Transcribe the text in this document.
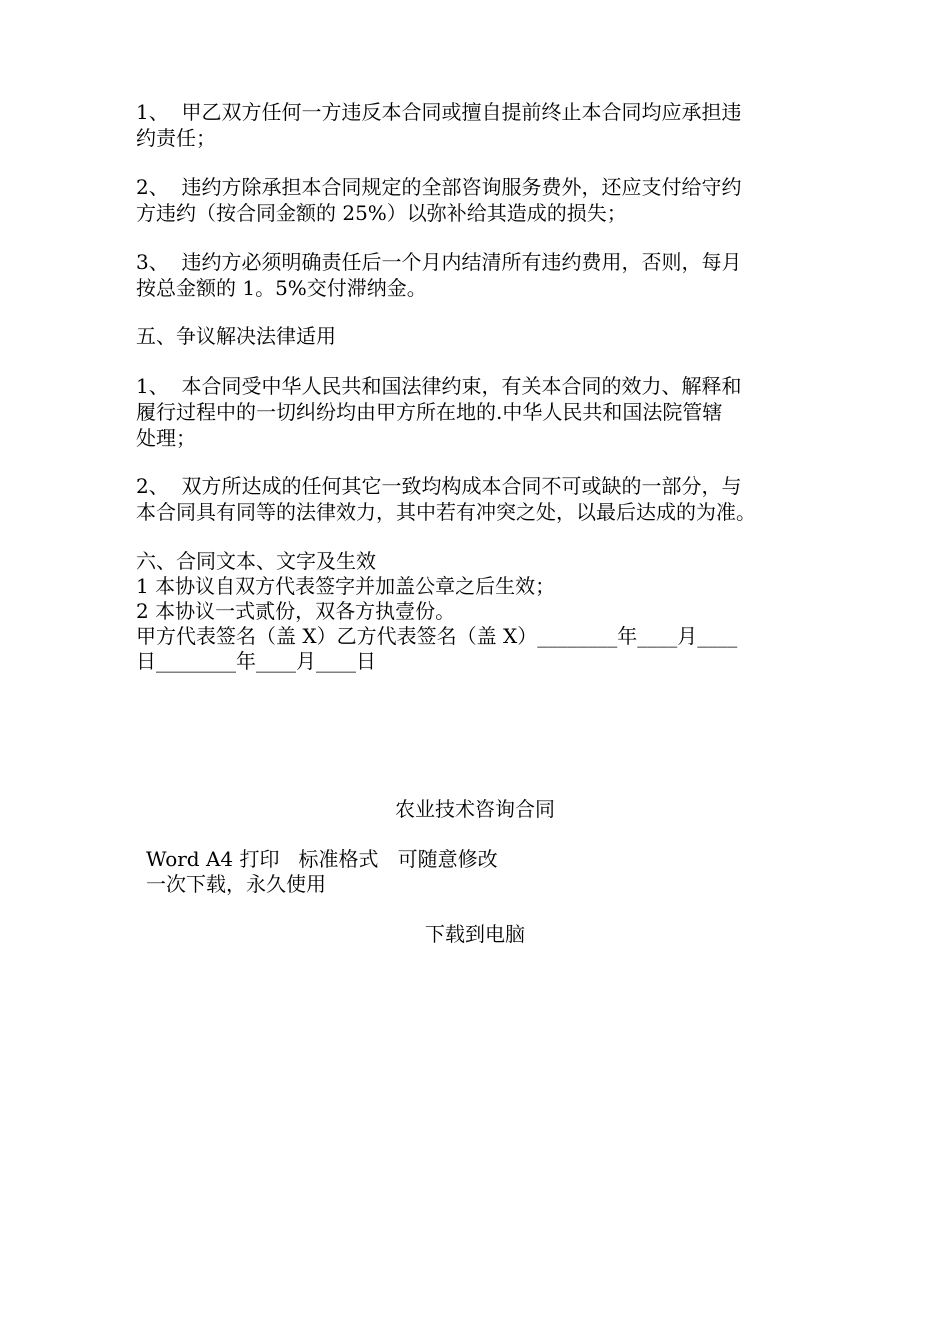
1、  甲乙双方任何一方违反本合同或擅自提前终止本合同均应承担违
约责任；
2、  违约方除承担本合同规定的全部咨询服务费外，还应支付给守约
方违约（按合同金额的 25%）以弥补给其造成的损失；
3、  违约方必须明确责任后一个月内结清所有违约费用，否则，每月
按总金额的 1。5%交付滞纳金。
五、争议解决法律适用
1、  本合同受中华人民共和国法律约束，有关本合同的效力、解释和
履行过程中的一切纠纷均由甲方所在地的.中华人民共和国法院管辖
处理；
2、  双方所达成的任何其它一致均构成本合同不可或缺的一部分，与
本合同具有同等的法律效力，其中若有冲突之处，以最后达成的为准。
六、合同文本、文字及生效
1 本协议自双方代表签字并加盖公章之后生效；
2 本协议一式贰份，双各方执壹份。
甲方代表签名（盖 X）乙方代表签名（盖 X）________年____月____
日________年____月____日
农业技术咨询合同
Word A4 打印   标准格式   可随意修改
一次下载，永久使用
下载到电脑
